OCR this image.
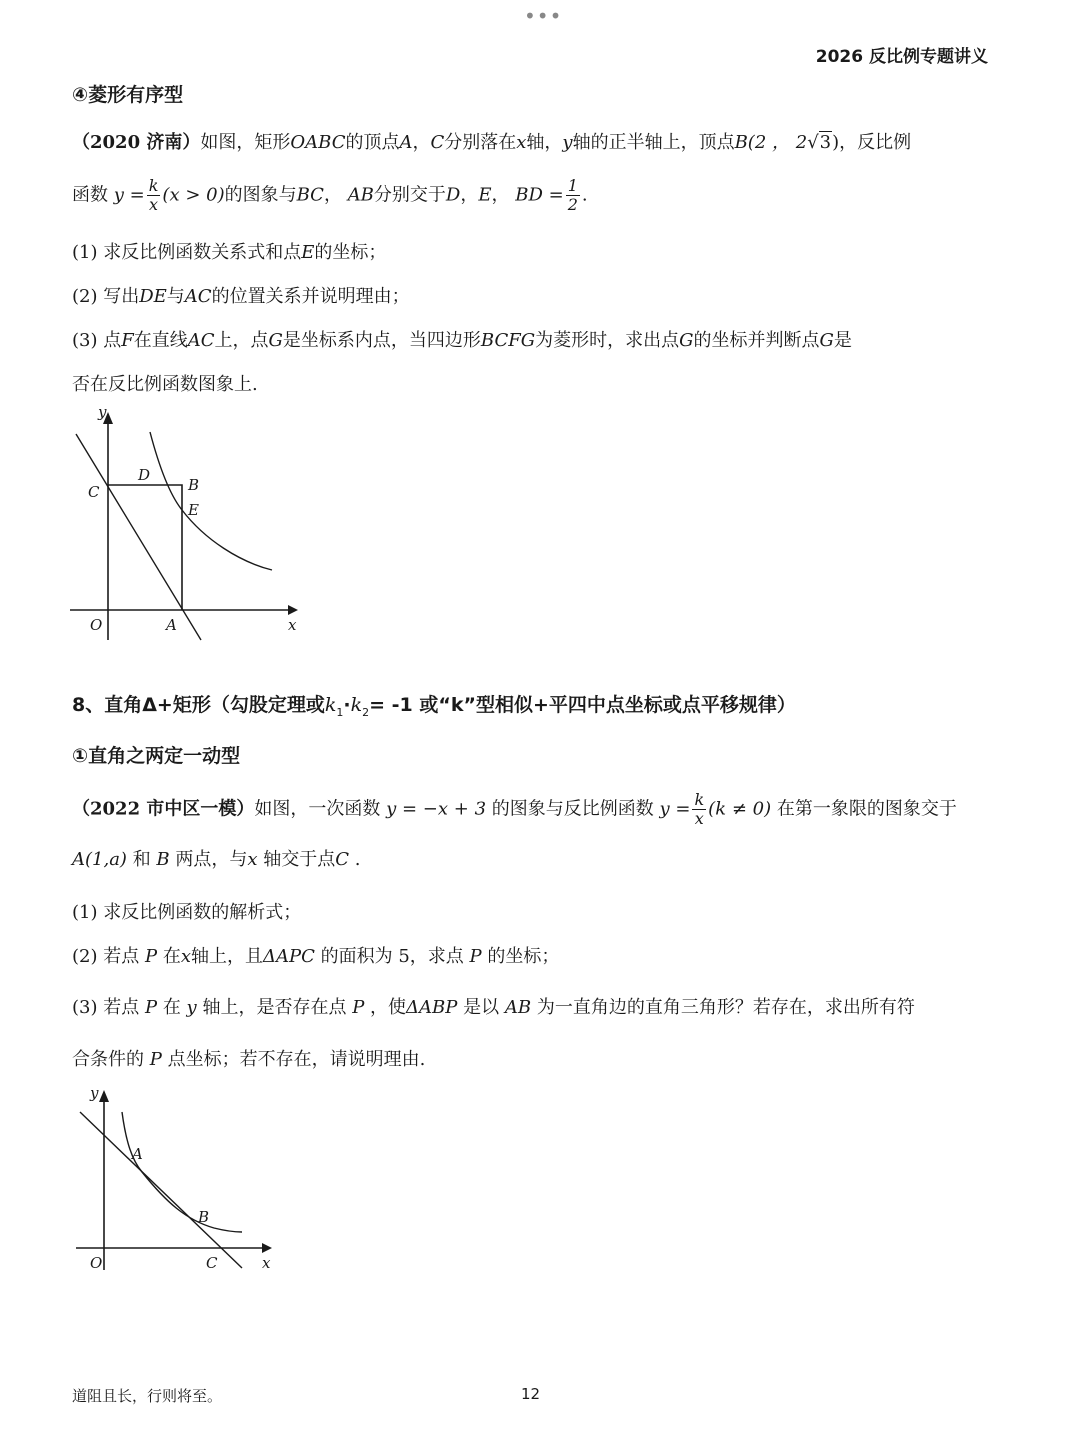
•••
2026 反比例专题讲义
④菱形有序型
（2020 济南）如图，矩形OABC的顶点A，C分别落在x轴，y轴的正半轴上，顶点B(2 ， 2√3)，反比例
函数 $y = \frac{k}{x} (x > 0)$的图象与BC， AB分别交于D，E， BD = $\frac{1}{2}$ .
(1) 求反比例函数关系式和点E的坐标；
(2) 写出DE与AC的位置关系并说明理由；
(3) 点F在直线AC上，点G是坐标系内点，当四边形BCFG为菱形时，求出点G的坐标并判断点G是
否在反比例函数图象上.
y
x
O	A
C
D
B
E
8、直角Δ+矩形（勾股定理或$k_1\cdot k_2= -1$ 或“k”型相似+平四中点坐标或点平移规律）
①直角之两定一动型
（2022 市中区一模）如图，一次函数 y = −x + 3 的图象与反比例函数 $y = \frac{k}{x} (k \ne 0)$ 在第一象限的图象交于
A(1,a) 和 B 两点，与x 轴交于点C .
(1) 求反比例函数的解析式；
(2) 若点 P 在x轴上，且ΔAPC 的面积为 5，求点 P 的坐标；
(3) 若点 P 在 y 轴上，是否存在点 P ，使ΔABP 是以 AB 为一直角边的直角三角形？若存在，求出所有符
合条件的 P 点坐标；若不存在，请说明理由.
y
x
O
A
B
C
道阻且长，行则将至。	12
